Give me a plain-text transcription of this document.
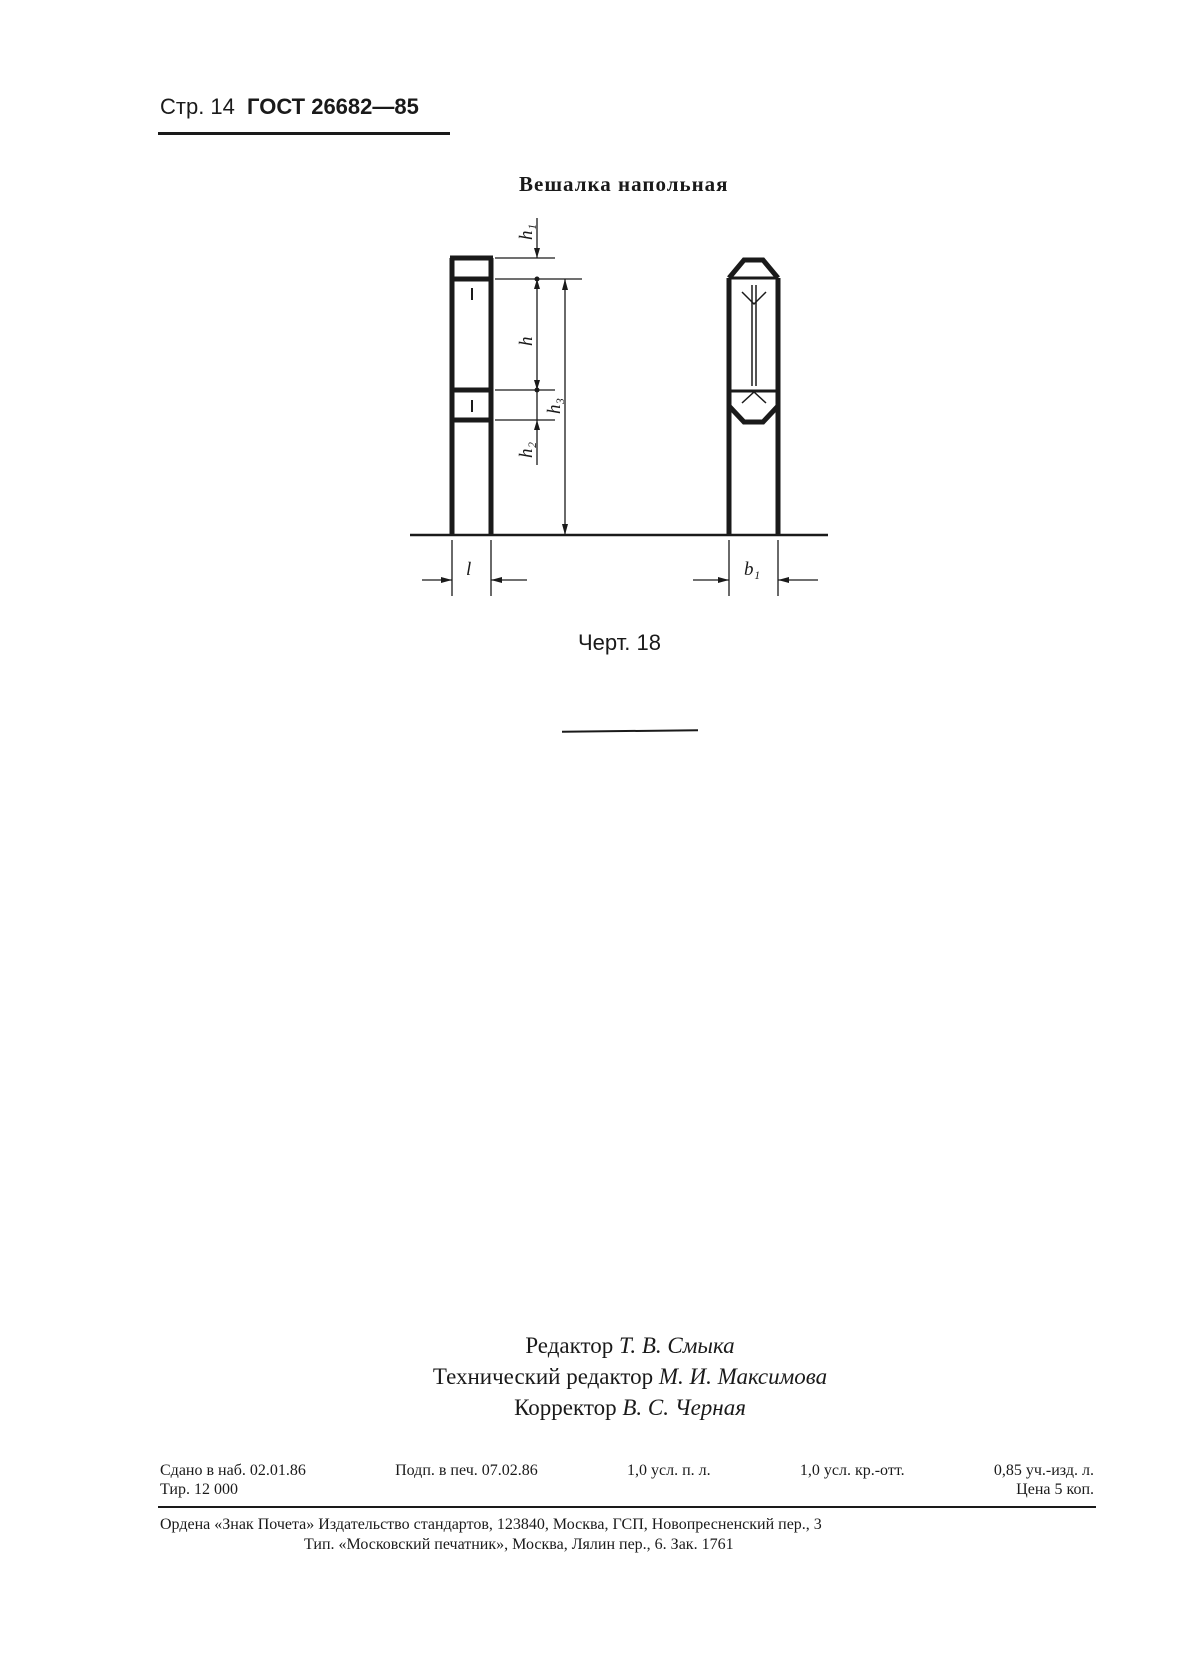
Стр. 14 ГОСТ 26682—85
Вешалка напольная
h₁
h
h₃
h₂
l	b₁
Черт. 18
Редактор Т. В. Смыка
Технический редактор М. И. Максимова
Корректор В. С. Черная
Сдано в наб. 02.01.86	Подп. в печ. 07.02.86	1,0 усл. п. л.	1,0 усл. кр.-отт.	0,85 уч.-изд. л.
Тир. 12 000	Цена 5 коп.
Ордена «Знак Почета» Издательство стандартов, 123840, Москва, ГСП, Новопресненский пер., 3
Тип. «Московский печатник», Москва, Лялин пер., 6. Зак. 1761
